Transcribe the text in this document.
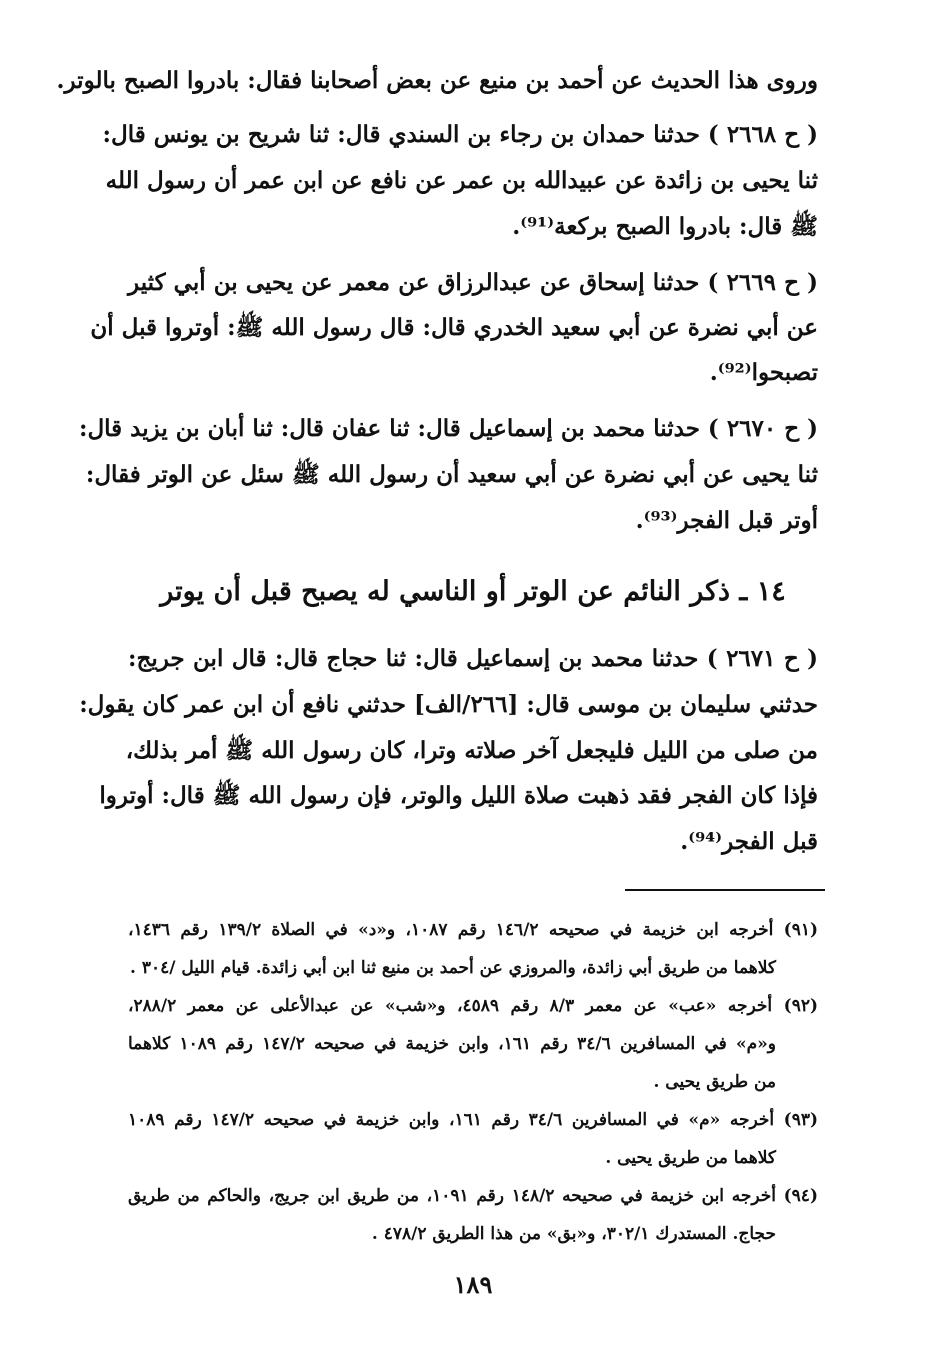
وروى هذا الحديث عن أحمد بن منيع عن بعض أصحابنا فقال: بادروا الصبح بالوتر.
( ح ٢٦٦٨ ) حدثنا حمدان بن رجاء بن السندي قال: ثنا شريح بن يونس قال:
ثنا يحيى بن زائدة عن عبيدالله بن عمر عن نافع عن ابن عمر أن رسول الله
ﷺ قال: بادروا الصبح بركعة⁽⁹¹⁾.
( ح ٢٦٦٩ ) حدثنا إسحاق عن عبدالرزاق عن معمر عن يحيى بن أبي كثير
عن أبي نضرة عن أبي سعيد الخدري قال: قال رسول الله ﷺ: أوتروا قبل أن
تصبحوا⁽⁹²⁾.
( ح ٢٦٧٠ ) حدثنا محمد بن إسماعيل قال: ثنا عفان قال: ثنا أبان بن يزيد قال:
ثنا يحيى عن أبي نضرة عن أبي سعيد أن رسول الله ﷺ سئل عن الوتر فقال:
أوتر قبل الفجر⁽⁹³⁾.
١٤ ـ ذكر النائم عن الوتر أو الناسي له يصبح قبل أن يوتر
( ح ٢٦٧١ ) حدثنا محمد بن إسماعيل قال: ثنا حجاج قال: قال ابن جريج:
حدثني سليمان بن موسى قال: [٢٦٦/الف] حدثني نافع أن ابن عمر كان يقول:
من صلى من الليل فليجعل آخر صلاته وترا، كان رسول الله ﷺ أمر بذلك،
فإذا كان الفجر فقد ذهبت صلاة الليل والوتر، فإن رسول الله ﷺ قال: أوتروا
قبل الفجر⁽⁹⁴⁾.
(٩١) أخرجه ابن خزيمة في صحيحه ١٤٦/٢ رقم ١٠٨٧، و«د» في الصلاة ١٣٩/٢ رقم ١٤٣٦،
كلاهما من طريق أبي زائدة، والمروزي عن أحمد بن منيع ثنا ابن أبي زائدة. قيام الليل /٣٠٤ .
(٩٢) أخرجه «عب» عن معمر ٨/٣ رقم ٤٥٨٩، و«شب» عن عبدالأعلى عن معمر ٢٨٨/٢،
و«م» في المسافرين ٣٤/٦ رقم ١٦١، وابن خزيمة في صحيحه ١٤٧/٢ رقم ١٠٨٩ كلاهما
من طريق يحيى .
(٩٣) أخرجه «م» في المسافرين ٣٤/٦ رقم ١٦١، وابن خزيمة في صحيحه ١٤٧/٢ رقم ١٠٨٩
كلاهما من طريق يحيى .
(٩٤) أخرجه ابن خزيمة في صحيحه ١٤٨/٢ رقم ١٠٩١، من طريق ابن جريج، والحاكم من طريق
حجاج. المستدرك ٣٠٢/١، و«بق» من هذا الطريق ٤٧٨/٢ .
١٨٩
